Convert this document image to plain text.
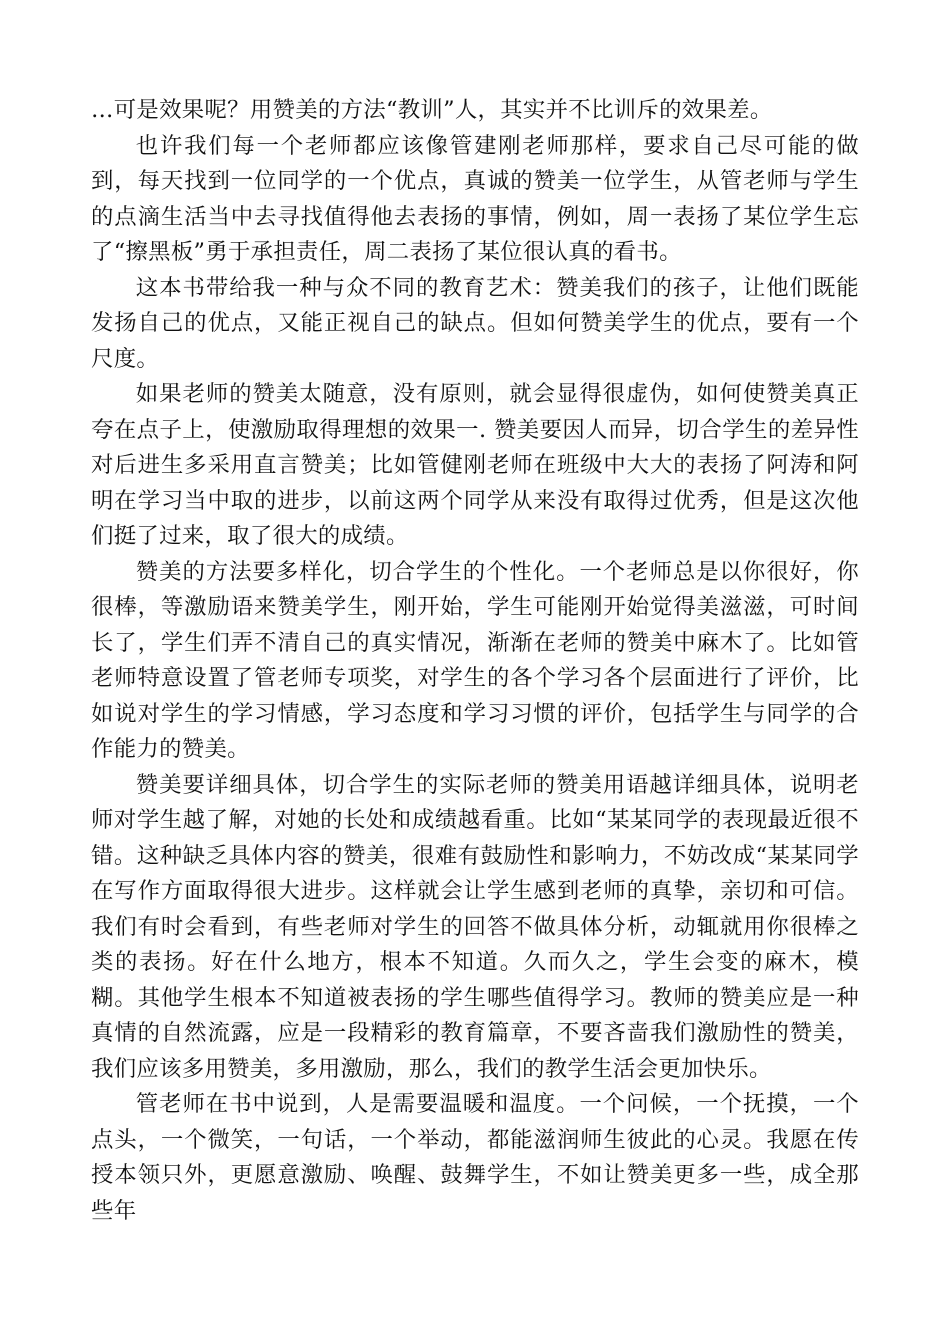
…可是效果呢？用赞美的方法“教训”人，其实并不比训斥的效果差。

也许我们每一个老师都应该像管建刚老师那样，要求自己尽可能的做到，每天找到一位同学的一个优点，真诚的赞美一位学生，从管老师与学生的点滴生活当中去寻找值得他去表扬的事情，例如，周一表扬了某位学生忘了“擦黑板”勇于承担责任，周二表扬了某位很认真的看书。

这本书带给我一种与众不同的教育艺术：赞美我们的孩子，让他们既能发扬自己的优点，又能正视自己的缺点。但如何赞美学生的优点，要有一个尺度。

如果老师的赞美太随意，没有原则，就会显得很虚伪，如何使赞美真正夸在点子上，使激励取得理想的效果一. 赞美要因人而异，切合学生的差异性对后进生多采用直言赞美；比如管健刚老师在班级中大大的表扬了阿涛和阿明在学习当中取的进步，以前这两个同学从来没有取得过优秀，但是这次他们挺了过来，取了很大的成绩。

赞美的方法要多样化，切合学生的个性化。一个老师总是以你很好，你很棒，等激励语来赞美学生，刚开始，学生可能刚开始觉得美滋滋，可时间长了，学生们弄不清自己的真实情况，渐渐在老师的赞美中麻木了。比如管老师特意设置了管老师专项奖，对学生的各个学习各个层面进行了评价，比如说对学生的学习情感，学习态度和学习习惯的评价，包括学生与同学的合作能力的赞美。

赞美要详细具体，切合学生的实际老师的赞美用语越详细具体，说明老师对学生越了解，对她的长处和成绩越看重。比如“某某同学的表现最近很不错。这种缺乏具体内容的赞美，很难有鼓励性和影响力，不妨改成“某某同学在写作方面取得很大进步。这样就会让学生感到老师的真挚，亲切和可信。我们有时会看到，有些老师对学生的回答不做具体分析，动辄就用你很棒之类的表扬。好在什么地方，根本不知道。久而久之，学生会变的麻木，模糊。其他学生根本不知道被表扬的学生哪些值得学习。教师的赞美应是一种真情的自然流露，应是一段精彩的教育篇章，不要吝啬我们激励性的赞美，我们应该多用赞美，多用激励，那么，我们的教学生活会更加快乐。

管老师在书中说到，人是需要温暖和温度。一个问候，一个抚摸，一个点头，一个微笑，一句话，一个举动，都能滋润师生彼此的心灵。我愿在传授本领只外，更愿意激励、唤醒、鼓舞学生，不如让赞美更多一些，成全那些年
